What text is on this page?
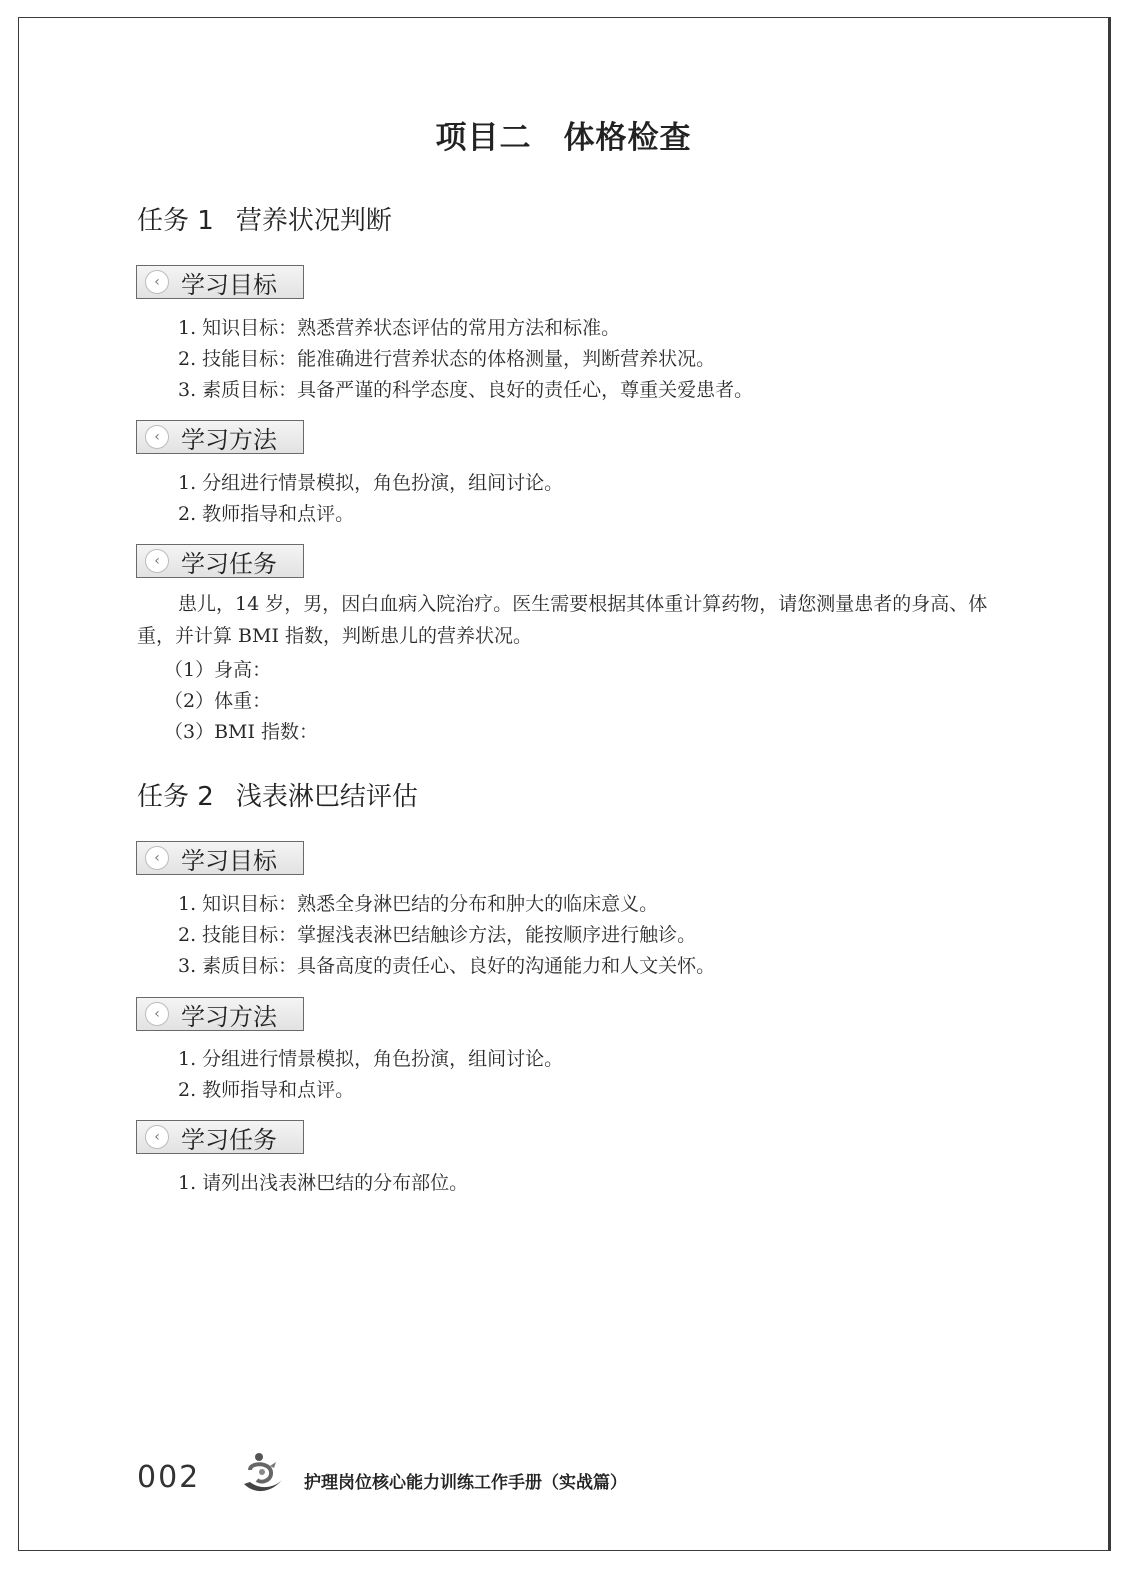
项目二　体格检查
任务 1 营养状况判断
‹ 学习目标
1. 知识目标：熟悉营养状态评估的常用方法和标准。
2. 技能目标：能准确进行营养状态的体格测量，判断营养状况。
3. 素质目标：具备严谨的科学态度、良好的责任心，尊重关爱患者。
‹ 学习方法
1. 分组进行情景模拟，角色扮演，组间讨论。
2. 教师指导和点评。
‹ 学习任务
患儿，14 岁，男，因白血病入院治疗。医生需要根据其体重计算药物，请您测量患者的身高、体重，并计算 BMI 指数，判断患儿的营养状况。
（1）身高：
（2）体重：
（3）BMI 指数：
任务 2 浅表淋巴结评估
‹ 学习目标
1. 知识目标：熟悉全身淋巴结的分布和肿大的临床意义。
2. 技能目标：掌握浅表淋巴结触诊方法，能按顺序进行触诊。
3. 素质目标：具备高度的责任心、良好的沟通能力和人文关怀。
‹ 学习方法
1. 分组进行情景模拟，角色扮演，组间讨论。
2. 教师指导和点评。
‹ 学习任务
1. 请列出浅表淋巴结的分布部位。
002	护理岗位核心能力训练工作手册（实战篇）
